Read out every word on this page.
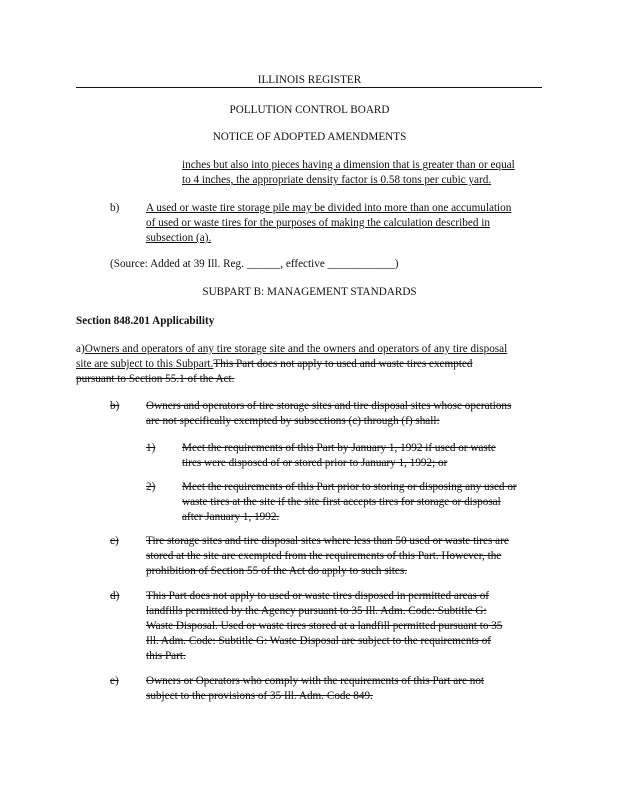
ILLINOIS REGISTER
POLLUTION CONTROL BOARD
NOTICE OF ADOPTED AMENDMENTS
inches but also into pieces having a dimension that is greater than or equal
to 4 inches, the appropriate density factor is 0.58 tons per cubic yard.
b) A used or waste tire storage pile may be divided into more than one accumulation
of used or waste tires for the purposes of making the calculation described in
subsection (a).
(Source: Added at 39 Ill. Reg. ______, effective ____________)
SUBPART B: MANAGEMENT STANDARDS
Section 848.201 Applicability
a)Owners and operators of any tire storage site and the owners and operators of any tire disposal
site are subject to this Subpart.This Part does not apply to used and waste tires exempted
pursuant to Section 55.1 of the Act.
b) Owners and operators of tire storage sites and tire disposal sites whose operations
are not specifically exempted by subsections (c) through (f) shall:
1) Meet the requirements of this Part by January 1, 1992 if used or waste
tires were disposed of or stored prior to January 1, 1992; or
2) Meet the requirements of this Part prior to storing or disposing any used or
waste tires at the site if the site first accepts tires for storage or disposal
after January 1, 1992.
c) Tire storage sites and tire disposal sites where less than 50 used or waste tires are
stored at the site are exempted from the requirements of this Part. However, the
prohibition of Section 55 of the Act do apply to such sites.
d) This Part does not apply to used or waste tires disposed in permitted areas of
landfills permitted by the Agency pursuant to 35 Ill. Adm. Code: Subtitle G:
Waste Disposal. Used or waste tires stored at a landfill permitted pursuant to 35
Ill. Adm. Code: Subtitle G: Waste Disposal are subject to the requirements of
this Part.
e) Owners or Operators who comply with the requirements of this Part are not
subject to the provisions of 35 Ill. Adm. Code 849.
